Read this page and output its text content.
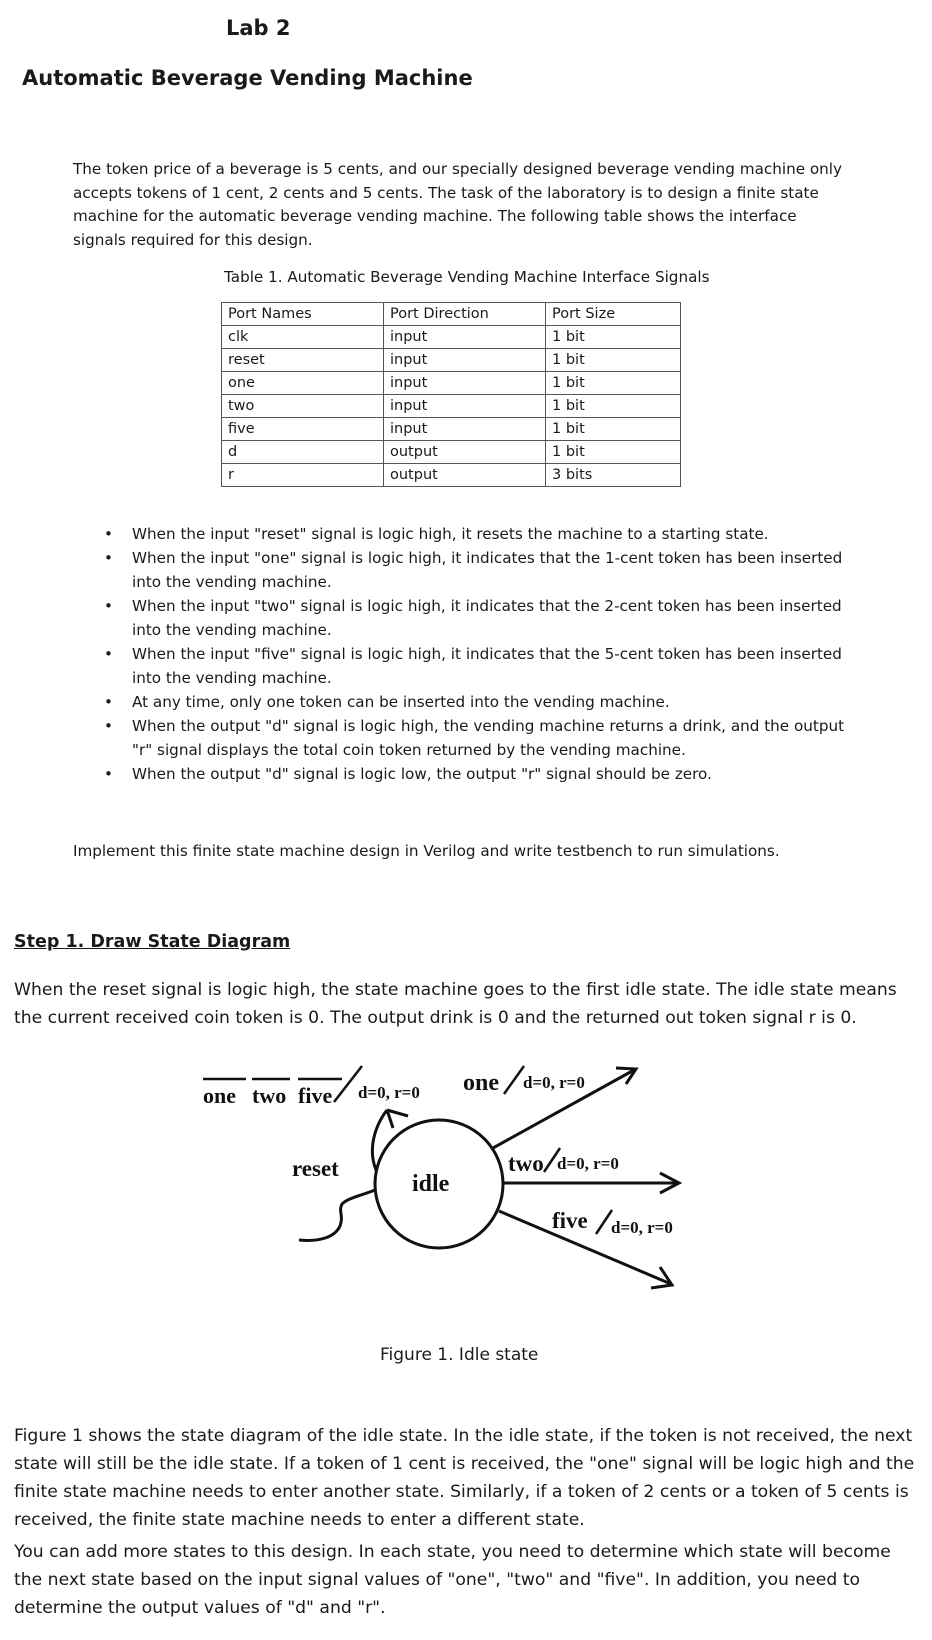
Lab 2
Automatic Beverage Vending Machine
The token price of a beverage is 5 cents, and our specially designed beverage vending machine only accepts tokens of 1 cent, 2 cents and 5 cents. The task of the laboratory is to design a finite state machine for the automatic beverage vending machine. The following table shows the interface signals required for this design.
Table 1. Automatic Beverage Vending Machine Interface Signals
Port Names	Port Direction	Port Size
clk	input	1 bit
reset	input	1 bit
one	input	1 bit
two	input	1 bit
five	input	1 bit
d	output	1 bit
r	output	3 bits
• When the input "reset" signal is logic high, it resets the machine to a starting state.
• When the input "one" signal is logic high, it indicates that the 1-cent token has been inserted into the vending machine.
• When the input "two" signal is logic high, it indicates that the 2-cent token has been inserted into the vending machine.
• When the input "five" signal is logic high, it indicates that the 5-cent token has been inserted into the vending machine.
• At any time, only one token can be inserted into the vending machine.
• When the output "d" signal is logic high, the vending machine returns a drink, and the output "r" signal displays the total coin token returned by the vending machine.
• When the output "d" signal is logic low, the output "r" signal should be zero.
Implement this finite state machine design in Verilog and write testbench to run simulations.
Step 1. Draw State Diagram
When the reset signal is logic high, the state machine goes to the first idle state. The idle state means the current received coin token is 0. The output drink is 0 and the returned out token signal r is 0.
one two five d=0, r=0
idle
reset
one d=0, r=0
two d=0, r=0
five d=0, r=0
Figure 1. Idle state

Figure 1 shows the state diagram of the idle state. In the idle state, if the token is not received, the next state will still be the idle state. If a token of 1 cent is received, the "one" signal will be logic high and the finite state machine needs to enter another state. Similarly, if a token of 2 cents or a token of 5 cents is received, the finite state machine needs to enter a different state.

You can add more states to this design. In each state, you need to determine which state will become the next state based on the input signal values of "one", "two" and "five". In addition, you need to determine the output values of "d" and "r".
